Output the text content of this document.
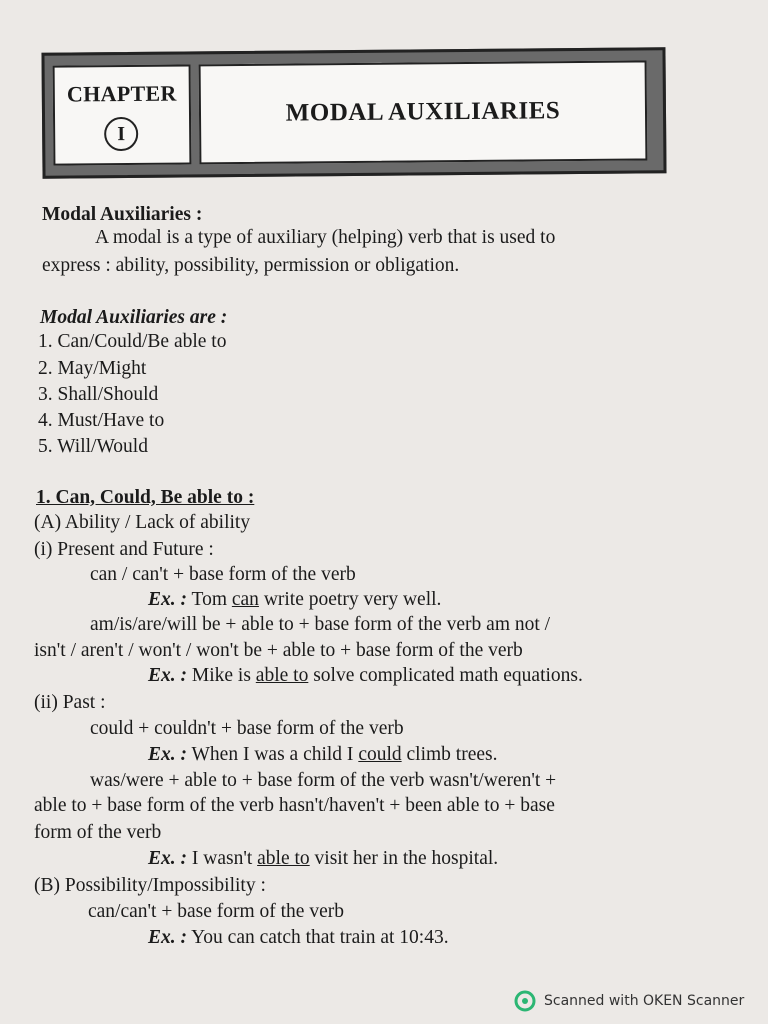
CHAPTER
I
MODAL AUXILIARIES
Modal Auxiliaries :
A modal is a type of auxiliary (helping) verb that is used to
express : ability, possibility, permission or obligation.
Modal Auxiliaries are :
1. Can/Could/Be able to
2. May/Might
3. Shall/Should
4. Must/Have to
5. Will/Would
1. Can, Could, Be able to :
(A) Ability / Lack of ability
(i) Present and Future :
can / can't + base form of the verb
Ex. : Tom can write poetry very well.
am/is/are/will be + able to + base form of the verb am not /
isn't / aren't / won't / won't be + able to + base form of the verb
Ex. : Mike is able to solve complicated math equations.
(ii) Past :
could + couldn't + base form of the verb
Ex. : When I was a child I could climb trees.
was/were + able to + base form of the verb wasn't/weren't +
able to + base form of the verb hasn't/haven't + been able to + base
form of the verb
Ex. : I wasn't able to visit her in the hospital.
(B) Possibility/Impossibility :
can/can't + base form of the verb
Ex. : You can catch that train at 10:43.
Scanned with OKEN Scanner
